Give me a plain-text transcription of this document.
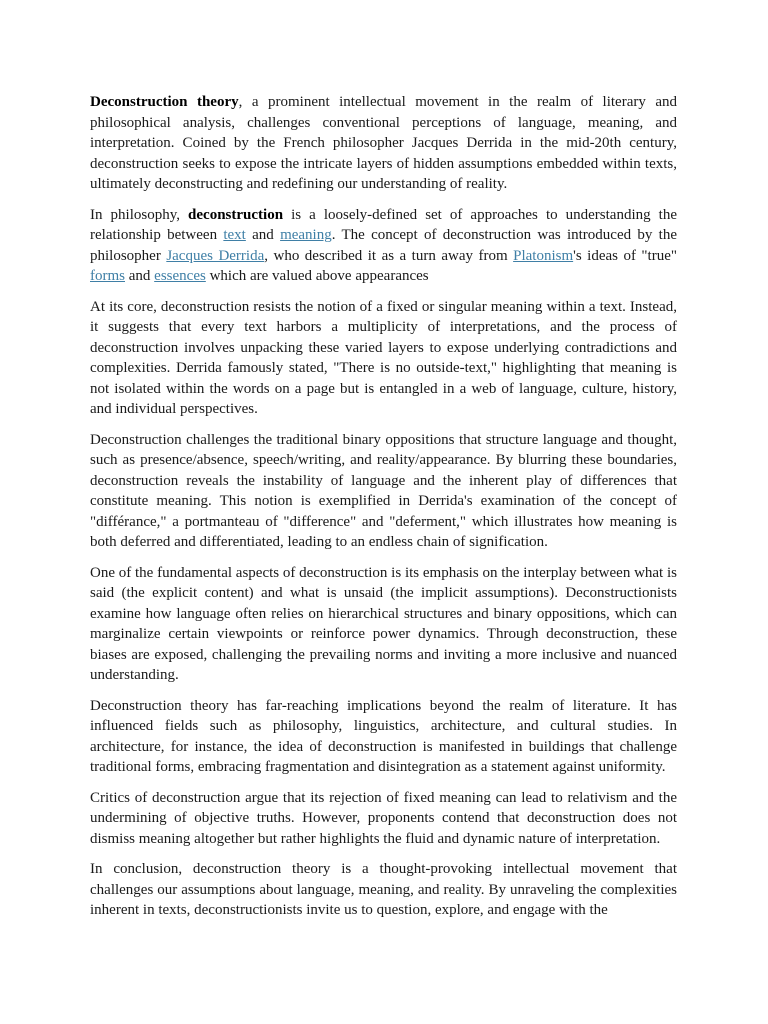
Deconstruction theory, a prominent intellectual movement in the realm of literary and philosophical analysis, challenges conventional perceptions of language, meaning, and interpretation. Coined by the French philosopher Jacques Derrida in the mid-20th century, deconstruction seeks to expose the intricate layers of hidden assumptions embedded within texts, ultimately deconstructing and redefining our understanding of reality.

In philosophy, deconstruction is a loosely-defined set of approaches to understanding the relationship between text and meaning. The concept of deconstruction was introduced by the philosopher Jacques Derrida, who described it as a turn away from Platonism's ideas of "true" forms and essences which are valued above appearances

At its core, deconstruction resists the notion of a fixed or singular meaning within a text. Instead, it suggests that every text harbors a multiplicity of interpretations, and the process of deconstruction involves unpacking these varied layers to expose underlying contradictions and complexities. Derrida famously stated, "There is no outside-text," highlighting that meaning is not isolated within the words on a page but is entangled in a web of language, culture, history, and individual perspectives.

Deconstruction challenges the traditional binary oppositions that structure language and thought, such as presence/absence, speech/writing, and reality/appearance. By blurring these boundaries, deconstruction reveals the instability of language and the inherent play of differences that constitute meaning. This notion is exemplified in Derrida's examination of the concept of "différance," a portmanteau of "difference" and "deferment," which illustrates how meaning is both deferred and differentiated, leading to an endless chain of signification.

One of the fundamental aspects of deconstruction is its emphasis on the interplay between what is said (the explicit content) and what is unsaid (the implicit assumptions). Deconstructionists examine how language often relies on hierarchical structures and binary oppositions, which can marginalize certain viewpoints or reinforce power dynamics. Through deconstruction, these biases are exposed, challenging the prevailing norms and inviting a more inclusive and nuanced understanding.

Deconstruction theory has far-reaching implications beyond the realm of literature. It has influenced fields such as philosophy, linguistics, architecture, and cultural studies. In architecture, for instance, the idea of deconstruction is manifested in buildings that challenge traditional forms, embracing fragmentation and disintegration as a statement against uniformity.

Critics of deconstruction argue that its rejection of fixed meaning can lead to relativism and the undermining of objective truths. However, proponents contend that deconstruction does not dismiss meaning altogether but rather highlights the fluid and dynamic nature of interpretation.

In conclusion, deconstruction theory is a thought-provoking intellectual movement that challenges our assumptions about language, meaning, and reality. By unraveling the complexities inherent in texts, deconstructionists invite us to question, explore, and engage with the
